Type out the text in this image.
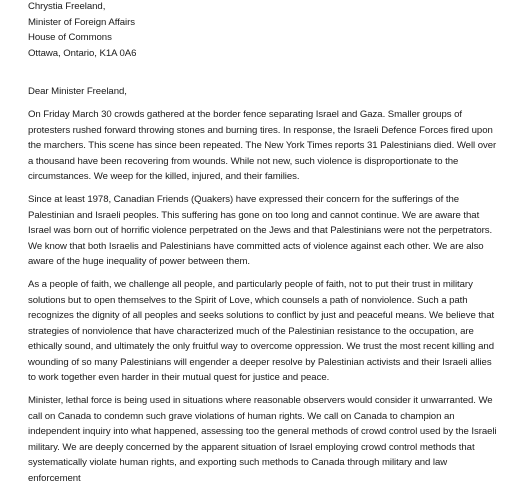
Chrystia Freeland,
Minister of Foreign Affairs
House of Commons
Ottawa, Ontario, K1A 0A6

Dear Minister Freeland,

On Friday March 30 crowds gathered at the border fence separating Israel and Gaza. Smaller groups of protesters rushed forward throwing stones and burning tires. In response, the Israeli Defence Forces fired upon the marchers. This scene has since been repeated. The New York Times reports 31 Palestinians died. Well over a thousand have been recovering from wounds. While not new, such violence is disproportionate to the circumstances. We weep for the killed, injured, and their families.

Since at least 1978, Canadian Friends (Quakers) have expressed their concern for the sufferings of the Palestinian and Israeli peoples. This suffering has gone on too long and cannot continue. We are aware that Israel was born out of horrific violence perpetrated on the Jews and that Palestinians were not the perpetrators. We know that both Israelis and Palestinians have committed acts of violence against each other. We are also aware of the huge inequality of power between them.

As a people of faith, we challenge all people, and particularly people of faith, not to put their trust in military solutions but to open themselves to the Spirit of Love, which counsels a path of nonviolence. Such a path recognizes the dignity of all peoples and seeks solutions to conflict by just and peaceful means. We believe that strategies of nonviolence that have characterized much of the Palestinian resistance to the occupation, are ethically sound, and ultimately the only fruitful way to overcome oppression. We trust the most recent killing and wounding of so many Palestinians will engender a deeper resolve by Palestinian activists and their Israeli allies to work together even harder in their mutual quest for justice and peace.

Minister, lethal force is being used in situations where reasonable observers would consider it unwarranted. We call on Canada to condemn such grave violations of human rights. We call on Canada to champion an independent inquiry into what happened, assessing too the general methods of crowd control used by the Israeli military. We are deeply concerned by the apparent situation of Israel employing crowd control methods that systematically violate human rights, and exporting such methods to Canada through military and law enforcement
